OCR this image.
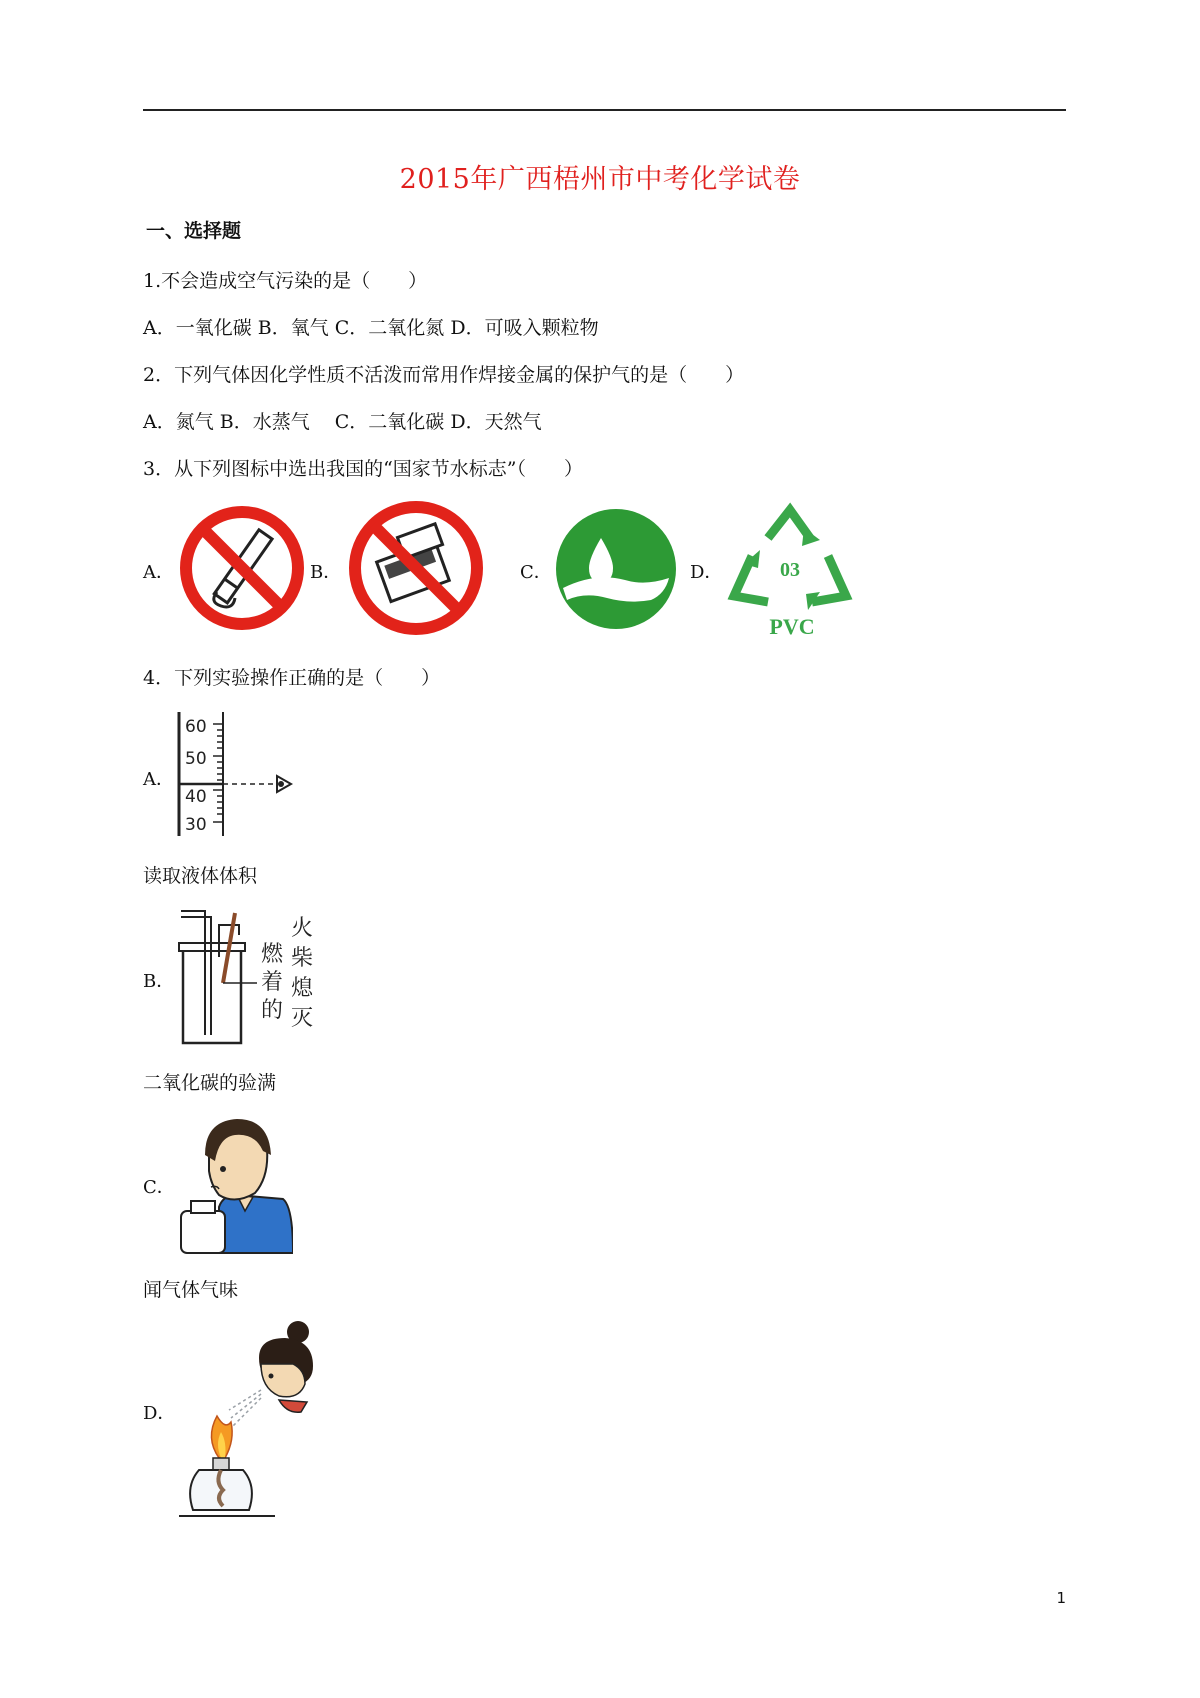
2015年广西梧州市中考化学试卷
一、选择题
1.不会造成空气污染的是（　　）
A．一氧化碳 B．氧气 C．二氧化氮 D．可吸入颗粒物
2．下列气体因化学性质不活泼而常用作焊接金属的保护气的是（　　）
A．氮气 B．水蒸气　 C．二氧化碳 D．天然气
3．从下列图标中选出我国的“国家节水标志”（　　）
A．	B．	C．	D．	03
PVC
4．下列实验操作正确的是（　　）
A．
60
50
40
30
读取液体体积
B．
燃
着
的
火
柴
熄
灭
二氧化碳的验满
C．
闻气体气味
D．
1
